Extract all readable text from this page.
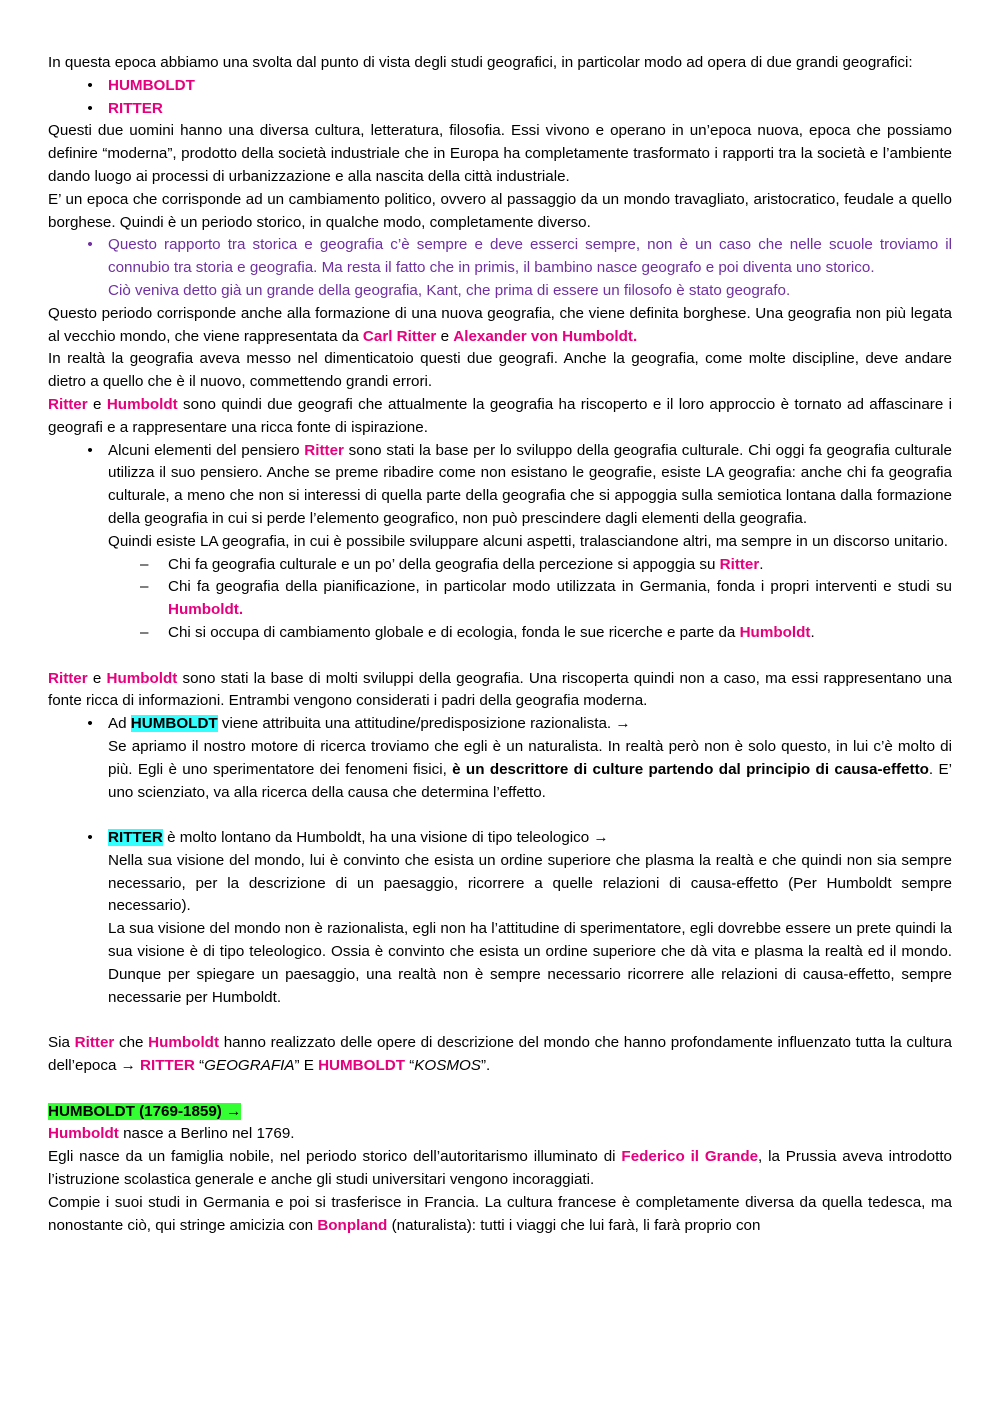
In questa epoca abbiamo una svolta dal punto di vista degli studi geografici, in particolar modo ad opera di due grandi geografici:

•	HUMBOLDT
•	RITTER

Questi due uomini hanno una diversa cultura, letteratura, filosofia. Essi vivono e operano in un’epoca nuova, epoca che possiamo definire “moderna”, prodotto della società industriale che in Europa ha completamente trasformato i rapporti tra la società e l’ambiente dando luogo ai processi di urbanizzazione e alla nascita della città industriale.

E’ un epoca che corrisponde ad un cambiamento politico, ovvero al passaggio da un mondo travagliato, aristocratico, feudale a quello borghese. Quindi è un periodo storico, in qualche modo, completamente diverso.

•	Questo rapporto tra storica e geografia c’è sempre e deve esserci sempre, non è un caso che nelle scuole troviamo il connubio tra storia e geografia. Ma resta il fatto che in primis, il bambino nasce geografo e poi diventa uno storico.
Ciò veniva detto già un grande della geografia, Kant, che prima di essere un filosofo è stato geografo.

Questo periodo corrisponde anche alla formazione di una nuova geografia, che viene definita borghese. Una geografia non più legata al vecchio mondo, che viene rappresentata da Carl Ritter e Alexander von Humboldt.

In realtà la geografia aveva messo nel dimenticatoio questi due geografi. Anche la geografia, come molte discipline, deve andare dietro a quello che è il nuovo, commettendo grandi errori.

Ritter e Humboldt sono quindi due geografi che attualmente la geografia ha riscoperto e il loro approccio è tornato ad affascinare i geografi e a rappresentare una ricca fonte di ispirazione.

•	Alcuni elementi del pensiero Ritter sono stati la base per lo sviluppo della geografia culturale. Chi oggi fa geografia culturale utilizza il suo pensiero. Anche se preme ribadire come non esistano le geografie, esiste LA geografia: anche chi fa geografia culturale, a meno che non si interessi di quella parte della geografia che si appoggia sulla semiotica lontana dalla formazione della geografia in cui si perde l’elemento geografico, non può prescindere dagli elementi della geografia.
Quindi esiste LA geografia, in cui è possibile sviluppare alcuni aspetti, tralasciandone altri, ma sempre in un discorso unitario.
– Chi fa geografia culturale e un po’ della geografia della percezione si appoggia su Ritter.
– Chi fa geografia della pianificazione, in particolar modo utilizzata in Germania, fonda i propri interventi e studi su Humboldt.
– Chi si occupa di cambiamento globale e di ecologia, fonda le sue ricerche e parte da Humboldt.

Ritter e Humboldt sono stati la base di molti sviluppi della geografia. Una riscoperta quindi non a caso, ma essi rappresentano una fonte ricca di informazioni. Entrambi vengono considerati i padri della geografia moderna.

•	Ad HUMBOLDT viene attribuita una attitudine/predisposizione razionalista. →
Se apriamo il nostro motore di ricerca troviamo che egli è un naturalista. In realtà però non è solo questo, in lui c’è molto di più. Egli è uno sperimentatore dei fenomeni fisici, è un descrittore di culture partendo dal principio di causa-effetto. E’ uno scienziato, va alla ricerca della causa che determina l’effetto.
•	RITTER è molto lontano da Humboldt, ha una visione di tipo teleologico →
Nella sua visione del mondo, lui è convinto che esista un ordine superiore che plasma la realtà e che quindi non sia sempre necessario, per la descrizione di un paesaggio, ricorrere a quelle relazioni di causa-effetto (Per Humboldt sempre necessario).
La sua visione del mondo non è razionalista, egli non ha l’attitudine di sperimentatore, egli dovrebbe essere un prete quindi la sua visione è di tipo teleologico. Ossia è convinto che esista un ordine superiore che dà vita e plasma la realtà ed il mondo. Dunque per spiegare un paesaggio, una realtà non è sempre necessario ricorrere alle relazioni di causa-effetto, sempre necessarie per Humboldt.

Sia Ritter che Humboldt hanno realizzato delle opere di descrizione del mondo che hanno profondamente influenzato tutta la cultura dell’epoca → RITTER “GEOGRAFIA” E HUMBOLDT “KOSMOS”.

HUMBOLDT (1769-1859) →

Humboldt nasce a Berlino nel 1769.

Egli nasce da un famiglia nobile, nel periodo storico dell’autoritarismo illuminato di Federico il Grande, la Prussia aveva introdotto l’istruzione scolastica generale e anche gli studi universitari vengono incoraggiati.

Compie i suoi studi in Germania e poi si trasferisce in Francia. La cultura francese è completamente diversa da quella tedesca, ma nonostante ciò, qui stringe amicizia con Bonpland (naturalista): tutti i viaggi che lui farà, li farà proprio con
